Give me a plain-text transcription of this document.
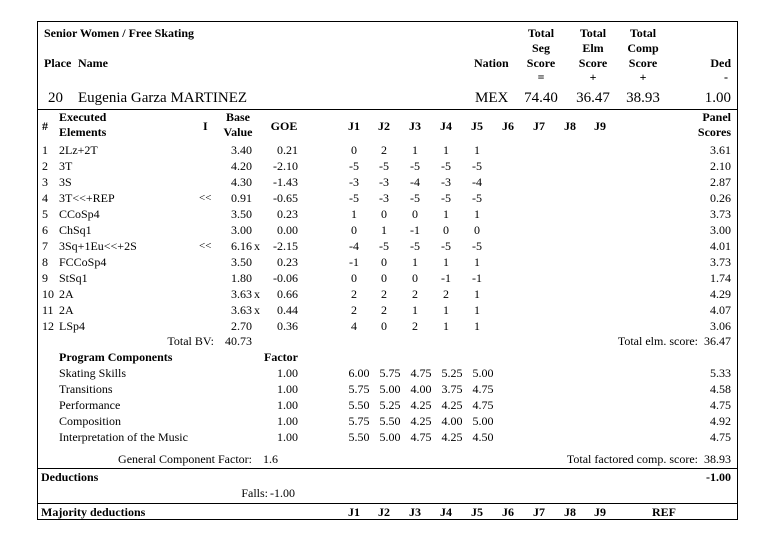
Senior Women / Free Skating
Place Name	Nation
Total
Seg
Score
=
Total
Elm
Score
+
Total
Comp
Score
+
Ded
-
20 Eugenia Garza MARTINEZ	MEX	74.40	36.47	38.93	1.00
#
Executed
Elements	I
Base
Value	GOE	J1	J2	J3	J4	J5	J6	J7	J8	J9
Panel
Scores
1 2Lz+2T	3.40	0.21	0	2	1	1	1	3.61
2 3T	4.20	-2.10	-5	-5	-5	-5	-5	2.10
3 3S	4.30	-1.43	-3	-3	-4	-3	-4	2.87
4 3T<<+REP	<<	0.91	-0.65	-5	-3	-5	-5	-5	0.26
5 CCoSp4	3.50	0.23	1	0	0	1	1	3.73
6 ChSq1	3.00	0.00	0	1	-1	0	0	3.00
7 3Sq+1Eu<<+2S	<<	6.16 x	-2.15	-4	-5	-5	-5	-5	4.01
8 FCCoSp4	3.50	0.23	-1	0	1	1	1	3.73
9 StSq1	1.80	-0.06	0	0	0	-1	-1	1.74
10 2A	3.63 x	0.66	2	2	2	2	1	4.29
11 2A	3.63 x	0.44	2	2	1	1	1	4.07
12 LSp4	2.70	0.36	4	0	2	1	1	3.06
Total BV: 40.73	Total elm. score: 36.47
Program Components	Factor
Skating Skills	1.00	6.00 5.75 4.75 5.25 5.00	5.33
Transitions	1.00	5.75 5.00 4.00 3.75 4.75	4.58
Performance	1.00	5.50 5.25 4.25 4.25 4.75	4.75
Composition	1.00	5.75 5.50 4.25 4.00 5.00	4.92
Interpretation of the Music	1.00	5.50 5.00 4.75 4.25 4.50	4.75
General Component Factor: 1.6	Total factored comp. score: 38.93
Deductions	-1.00
Falls: -1.00
Majority deductions	J1	J2	J3	J4	J5	J6	J7	J8	J9	REF
